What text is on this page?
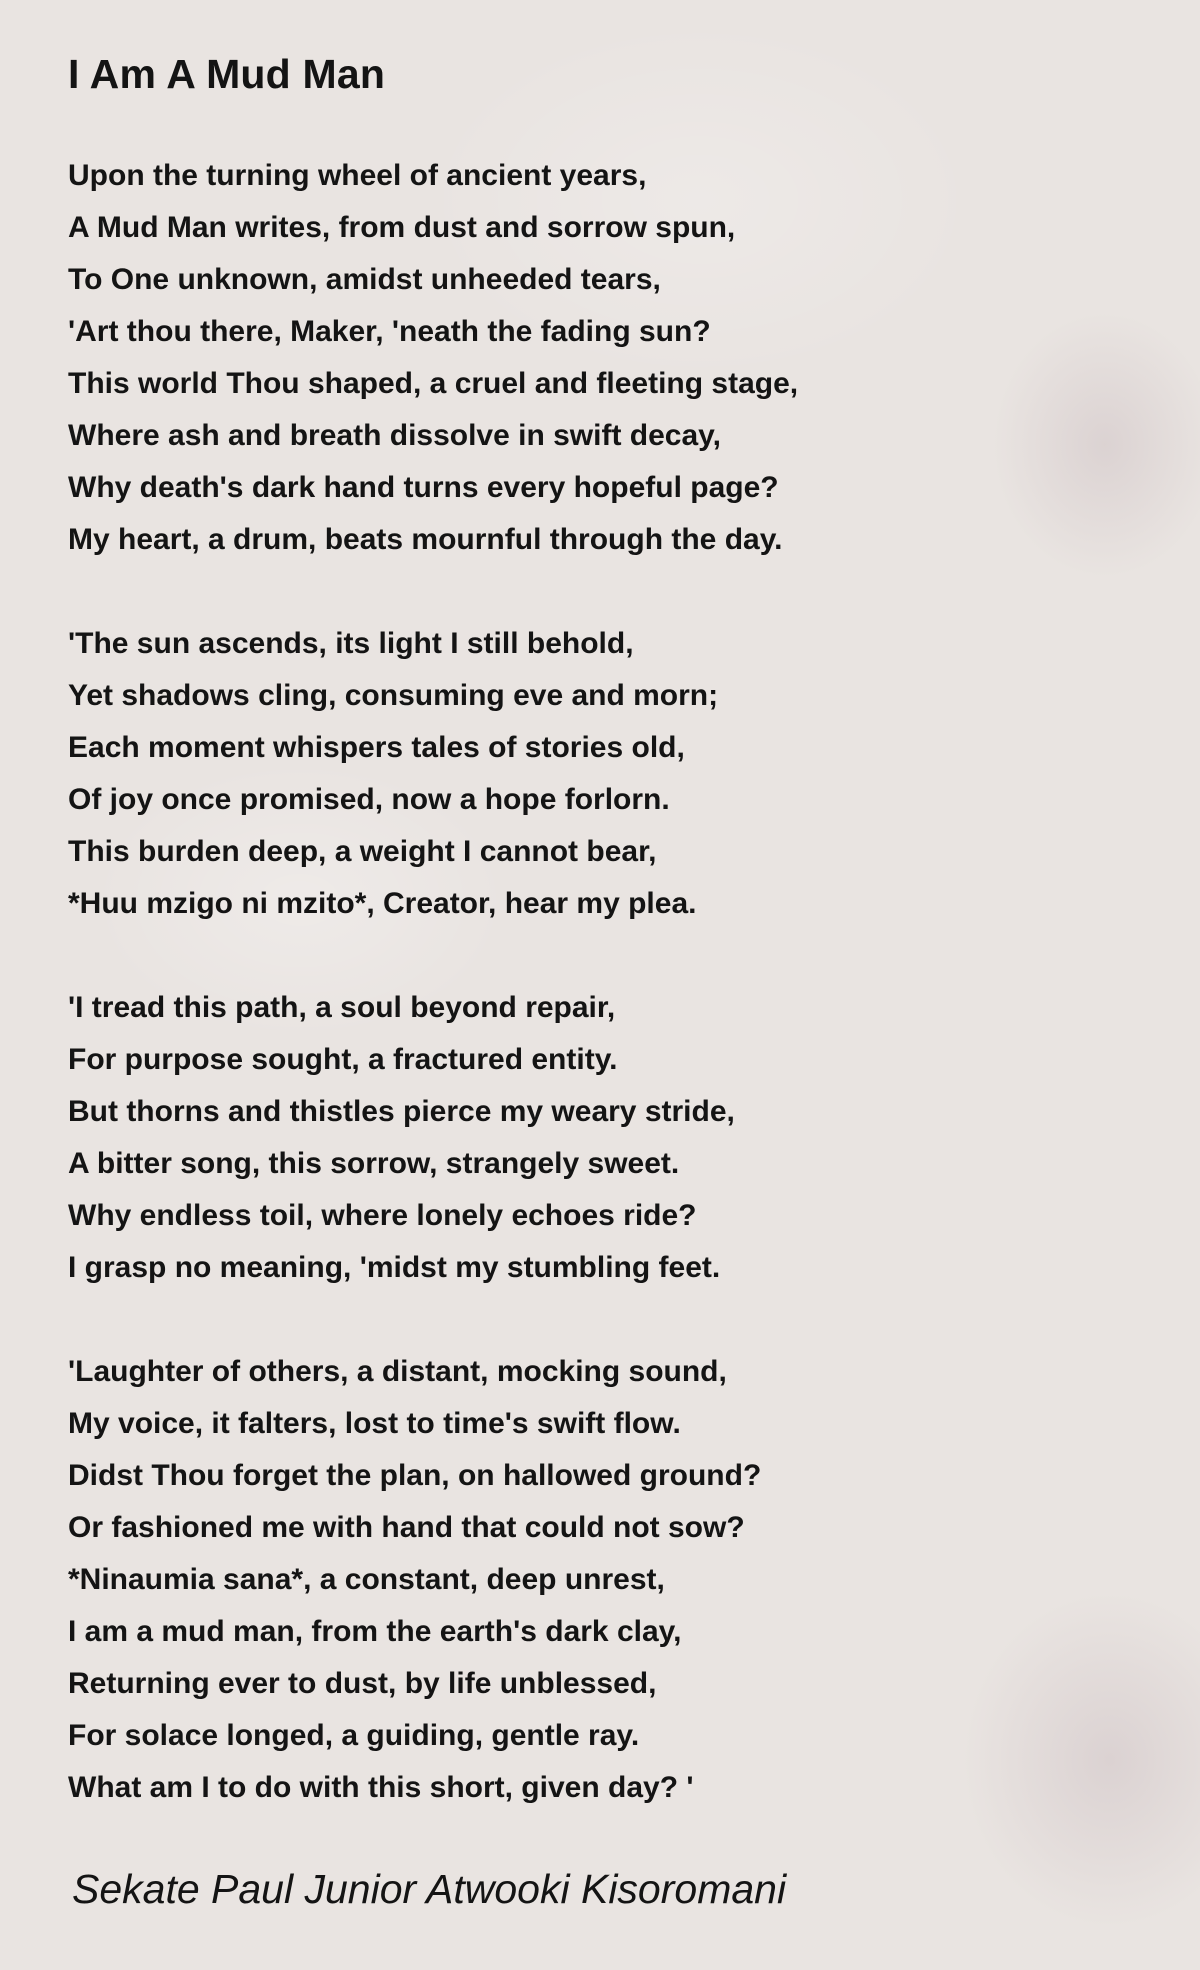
I Am A Mud Man
Upon the turning wheel of ancient years,
A Mud Man writes, from dust and sorrow spun,
To One unknown, amidst unheeded tears,
'Art thou there, Maker, 'neath the fading sun?
This world Thou shaped, a cruel and fleeting stage,
Where ash and breath dissolve in swift decay,
Why death's dark hand turns every hopeful page?
My heart, a drum, beats mournful through the day.
'The sun ascends, its light I still behold,
Yet shadows cling, consuming eve and morn;
Each moment whispers tales of stories old,
Of joy once promised, now a hope forlorn.
This burden deep, a weight I cannot bear,
*Huu mzigo ni mzito*, Creator, hear my plea.
'I tread this path, a soul beyond repair,
For purpose sought, a fractured entity.
But thorns and thistles pierce my weary stride,
A bitter song, this sorrow, strangely sweet.
Why endless toil, where lonely echoes ride?
I grasp no meaning, 'midst my stumbling feet.
'Laughter of others, a distant, mocking sound,
My voice, it falters, lost to time's swift flow.
Didst Thou forget the plan, on hallowed ground?
Or fashioned me with hand that could not sow?
*Ninaumia sana*, a constant, deep unrest,
I am a mud man, from the earth's dark clay,
Returning ever to dust, by life unblessed,
For solace longed, a guiding, gentle ray.
What am I to do with this short, given day? '
Sekate Paul Junior Atwooki Kisoromani
